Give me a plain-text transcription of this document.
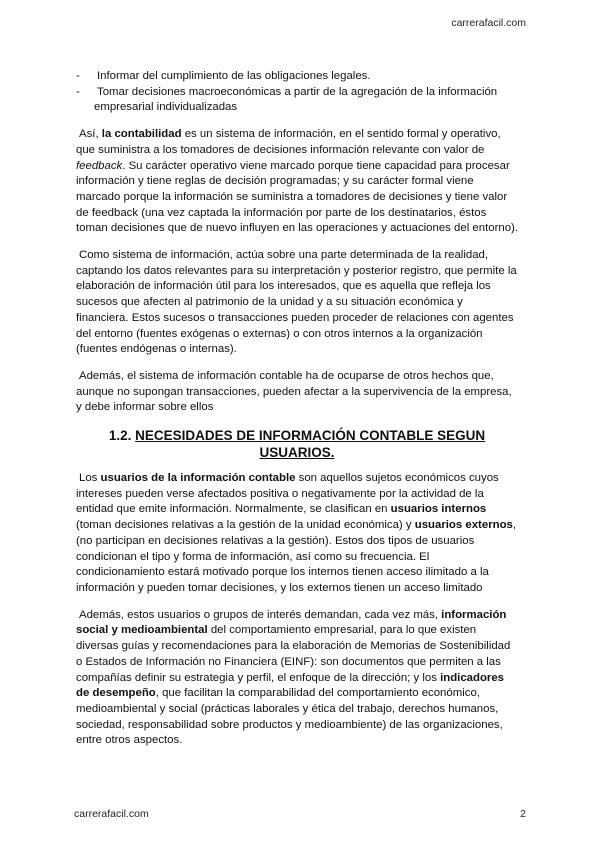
carrerafacil.com
- Informar del cumplimiento de las obligaciones legales.
- Tomar decisiones macroeconómicas a partir de la agregación de la información empresarial individualizadas

Así, la contabilidad es un sistema de información, en el sentido formal y operativo, que suministra a los tomadores de decisiones información relevante con valor de feedback. Su carácter operativo viene marcado porque tiene capacidad para procesar información y tiene reglas de decisión programadas; y su carácter formal viene marcado porque la información se suministra a tomadores de decisiones y tiene valor de feedback (una vez captada la información por parte de los destinatarios, éstos toman decisiones que de nuevo influyen en las operaciones y actuaciones del entorno).

Como sistema de información, actúa sobre una parte determinada de la realidad, captando los datos relevantes para su interpretación y posterior registro, que permite la elaboración de información útil para los interesados, que es aquella que refleja los sucesos que afecten al patrimonio de la unidad y a su situación económica y financiera. Estos sucesos o transacciones pueden proceder de relaciones con agentes del entorno (fuentes exógenas o externas) o con otros internos a la organización (fuentes endógenas o internas).

Además, el sistema de información contable ha de ocuparse de otros hechos que, aunque no supongan transacciones, pueden afectar a la supervivencia de la empresa, y debe informar sobre ellos

1.2. NECESIDADES DE INFORMACIÓN CONTABLE SEGUN USUARIOS.

Los usuarios de la información contable son aquellos sujetos económicos cuyos intereses pueden verse afectados positiva o negativamente por la actividad de la entidad que emite información. Normalmente, se clasifican en usuarios internos (toman decisiones relativas a la gestión de la unidad económica) y usuarios externos, (no participan en decisiones relativas a la gestión). Estos dos tipos de usuarios condicionan el tipo y forma de información, así como su frecuencia. El condicionamiento estará motivado porque los internos tienen acceso ilimitado a la información y pueden tomar decisiones, y los externos tienen un acceso limitado

Además, estos usuarios o grupos de interés demandan, cada vez más, información social y medioambiental del comportamiento empresarial, para lo que existen diversas guías y recomendaciones para la elaboración de Memorias de Sostenibilidad o Estados de Información no Financiera (EINF): son documentos que permiten a las compañías definir su estrategia y perfil, el enfoque de la dirección; y los indicadores de desempeño, que facilitan la comparabilidad del comportamiento económico, medioambiental y social (prácticas laborales y ética del trabajo, derechos humanos, sociedad, responsabilidad sobre productos y medioambiente) de las organizaciones, entre otros aspectos.

carrerafacil.com	2
